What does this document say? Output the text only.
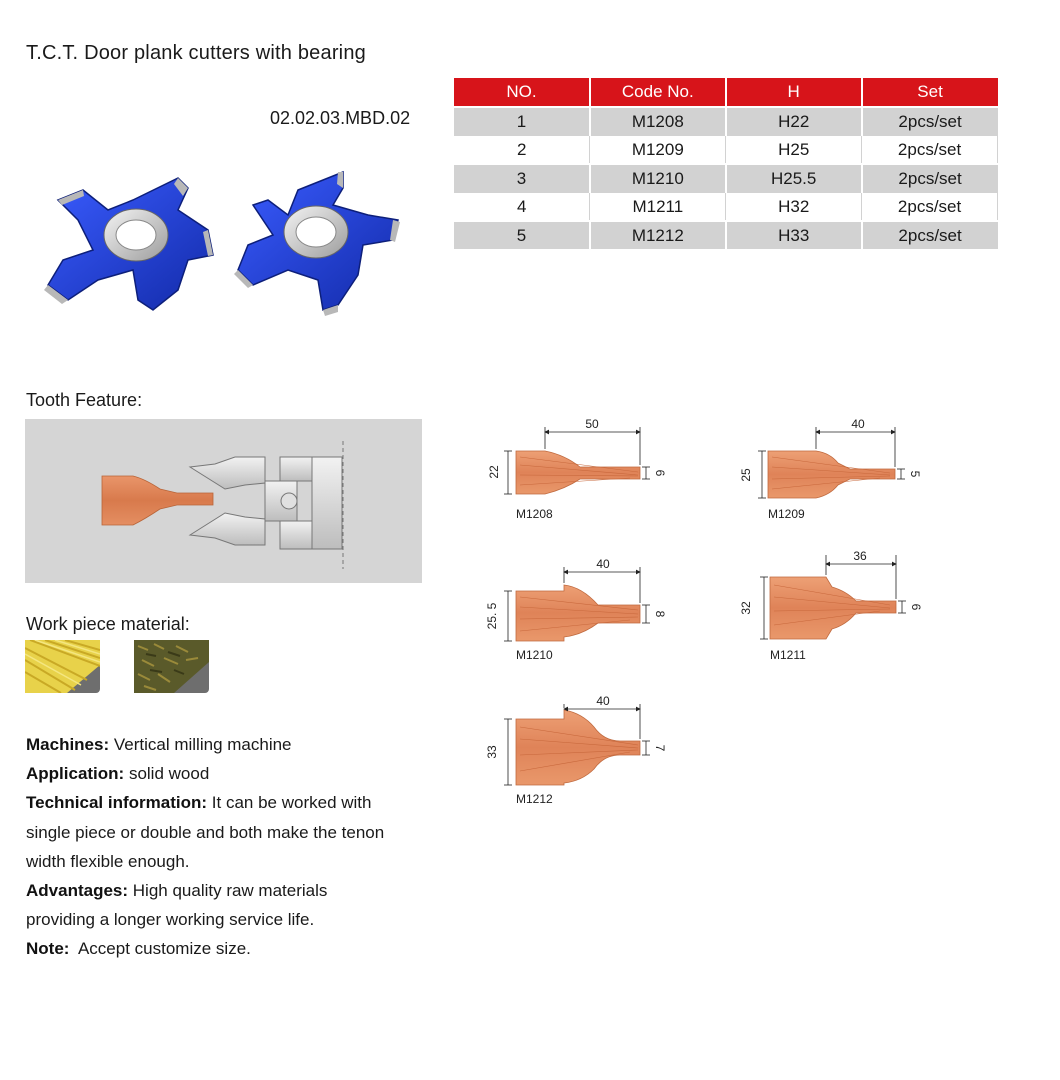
T.C.T. Door plank cutters with bearing
02.02.03.MBD.02
NO.	Code No.	H	Set
1	M1208	H22	2pcs/set
2	M1209	H25	2pcs/set
3	M1210	H25.5	2pcs/set
4	M1211	H32	2pcs/set
5	M1212	H33	2pcs/set
Tooth Feature:
Work piece material:

Machines: Vertical milling machine

Application: solid wood

Technical information: It can be worked with

single piece or double and both make the tenon

width flexible enough.

Advantages: High quality raw materials

providing a longer working service life.

Note: Accept customize size.

50
22	6
M1208
40
25	5
M1209
40
25. 5	8
M1210
36
32	6
M1211
40
33	7
M1212
